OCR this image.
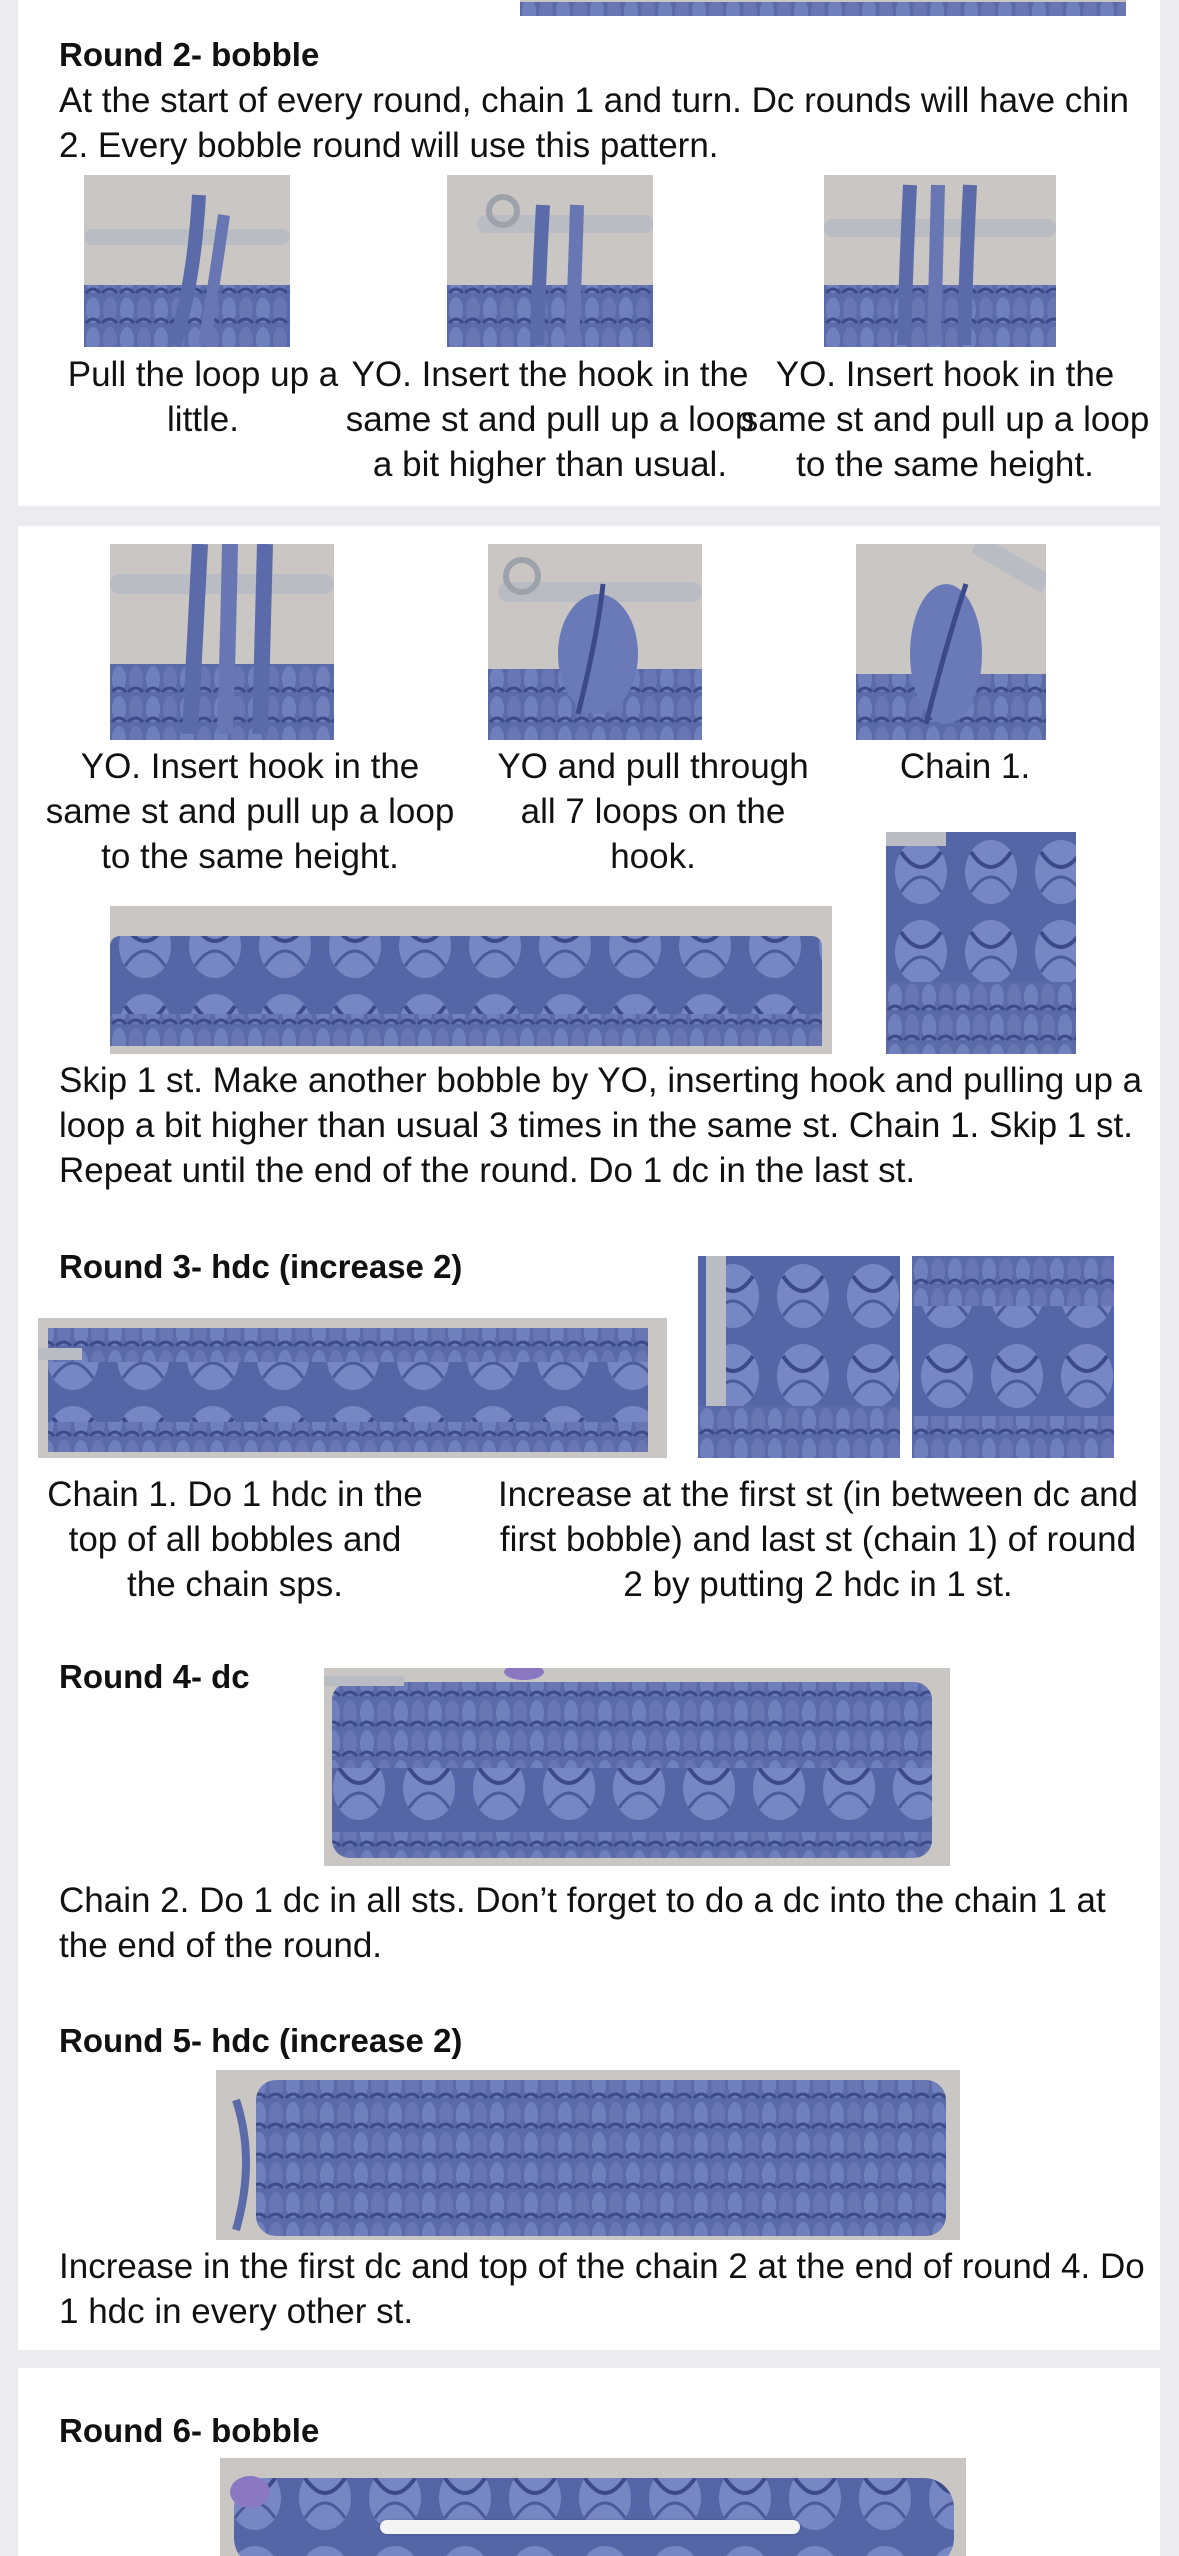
Round 2- bobble
At the start of every round, chain 1 and turn. Dc rounds will have chin 2. Every bobble round will use this pattern.
Pull the loop up a little.
YO. Insert the hook in the same st and pull up a loop a bit higher than usual.
YO. Insert hook in the same st and pull up a loop to the same height.
YO. Insert hook in the same st and pull up a loop to the same height.
YO and pull through all 7 loops on the hook.
Chain 1.
Skip 1 st. Make another bobble by YO, inserting hook and pulling up a loop a bit higher than usual 3 times in the same st. Chain 1. Skip 1 st. Repeat until the end of the round. Do 1 dc in the last st.
Round 3- hdc (increase 2)
Chain 1. Do 1 hdc in the top of all bobbles and the chain sps.
Increase at the first st (in between dc and first bobble) and last st (chain 1) of round 2 by putting 2 hdc in 1 st.
Round 4- dc
Chain 2. Do 1 dc in all sts. Don’t forget to do a dc into the chain 1 at the end of the round.
Round 5- hdc (increase 2)
Increase in the first dc and top of the chain 2 at the end of round 4. Do 1 hdc in every other st.
Round 6- bobble
